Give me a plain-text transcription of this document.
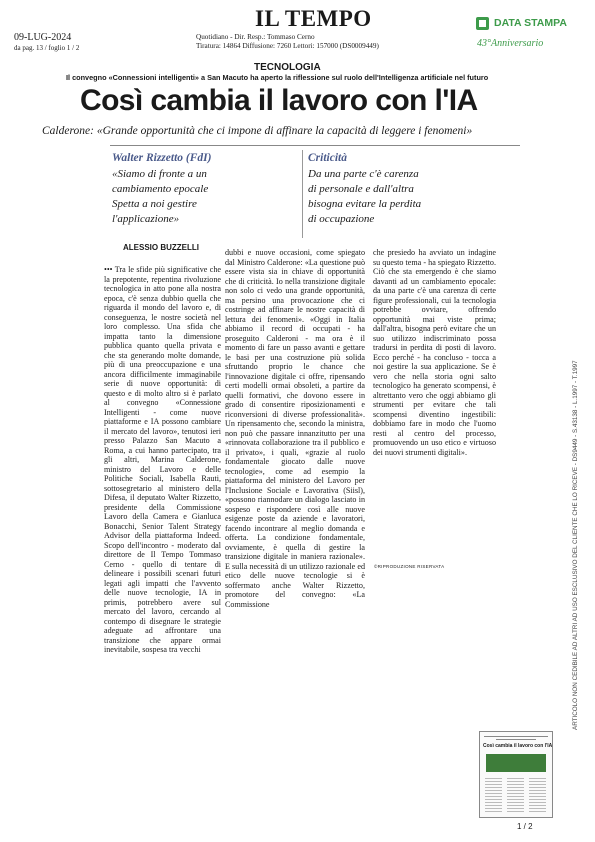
09-LUG-2024
da pag. 13 / foglio 1 / 2
IL TEMPO
Quotidiano - Dir. Resp.: Tommaso Cerno
Tiratura: 14864 Diffusione: 7260 Lettori: 157000 (DS0009449)
DATA STAMPA
43°Anniversario
TECNOLOGIA
Il convegno «Connessioni intelligenti» a San Macuto ha aperto la riflessione sul ruolo dell'Intelligenza artificiale nel futuro
Così cambia il lavoro con l'IA
Calderone: «Grande opportunità che ci impone di affinare la capacità di leggere i fenomeni»
Walter Rizzetto (FdI)
«Siamo di fronte a un
cambiamento epocale
Spetta a noi gestire
l'applicazione»
Criticità
Da una parte c'è carenza
di personale e dall'altra
bisogna evitare la perdita
di occupazione
ALESSIO BUZZELLI

••• Tra le sfide più significative che la prepotente, repentina rivoluzione tecnologica in atto pone alla nostra epoca, c'è senza dubbio quella che riguarda il mondo del lavoro e, di conseguenza, le nostre società nel loro complesso. Una sfida che impatta tanto la dimensione pubblica quanto quella privata e che sta generando molte domande, più di una preoccupazione e una ancora difficilmente immaginabile serie di nuove opportunità: di questo e di molto altro si è parlato al convegno «Connessione Intelligenti - come nuove piattaforme e IA possono cambiare il mercato del lavoro», tenutosi ieri presso Palazzo San Macuto a Roma, a cui hanno partecipato, tra gli altri, Marina Calderone, ministro del Lavoro e delle Politiche Sociali, Isabella Rauti, sottosegretario al ministero della Difesa, il deputato Walter Rizzetto, presidente della Commissione Lavoro della Camera e Gianluca Bonacchi, Senior Talent Strategy Advisor della piattaforma Indeed. Scopo dell'incontro - moderato dal direttore de Il Tempo Tommaso Cerno - quello di tentare di delineare i possibili scenari futuri legati agli impatti che l'avvento delle nuove tecnologie, IA in primis, potrebbero avere sul mercato del lavoro, cercando al contempo di disegnare le strategie adeguate ad affrontare una transizione che appare ormai inevitabile, sospesa tra vecchi

dubbi e nuove occasioni, come spiegato dal Ministro Calderone: «La questione può essere vista sia in chiave di opportunità che di criticità. Io nella transizione digitale non solo ci vedo una grande opportunità, ma persino una provocazione che ci costringe ad affinare le nostre capacità di lettura dei fenomeni». «Oggi in Italia abbiamo il record di occupati - ha proseguito Calderoni - ma ora è il momento di fare un passo avanti e gettare le basi per una costruzione più solida sfruttando proprio le chance che l'innovazione digitale ci offre, ripensando certi modelli ormai obsoleti, a partire da quelli formativi, che dovono essere in grado di consentire riposizionamenti e riconversioni di diverse professionalità». Un ripensamento che, secondo la ministra, non può che passare innanzitutto per una «rinnovata collaborazione tra il pubblico e il privato», i quali, «grazie al ruolo fondamentale giocato dalle nuove tecnologie», come ad esempio la piattaforma del ministero del Lavoro per l'Inclusione Sociale e Lavorativa (Siisl), «possono riannodare un dialogo lasciato in sospeso e rispondere così alle nuove esigenze poste da aziende e lavoratori, facendo incontrare al meglio domanda e offerta. La condizione fondamentale, ovviamente, è quella di gestire la transizione digitale in maniera razionale». E sulla necessità di un utilizzo razionale ed etico delle nuove tecnologie si è soffermato anche Walter Rizzetto, promotore del convegno: «La Commissione

che presiedo ha avviato un indagine su questo tema - ha spiegato Rizzetto. Ciò che sta emergendo è che siamo davanti ad un cambiamento epocale: da una parte c'è una carenza di certe figure professionali, cui la tecnologia potrebbe ovviare, offrendo opportunità mai viste prima; dall'altra, bisogna però evitare che un suo utilizzo indiscriminato possa tradursi in perdita di posti di lavoro. Ecco perché - ha concluso - tocca a noi gestire la sua applicazione. Se è vero che nella storia ogni salto tecnologico ha generato scompensi, è altrettanto vero che oggi abbiamo gli strumenti per evitare che tali scompensi diventino ingestibili: dobbiamo fare in modo che l'uomo resti al centro del processo, promuovendo un uso etico e virtuoso dei nuovi strumenti digitali».

©RIPRODUZIONE RISERVATA	ARTICOLO NON CEDIBILE AD ALTRI AD USO ESCLUSIVO DEL CLIENTE CHE LO RICEVE - DS9449 - S.43138 - L.1997 - T.1997
Così cambia il lavoro con l'IA
1 / 2
